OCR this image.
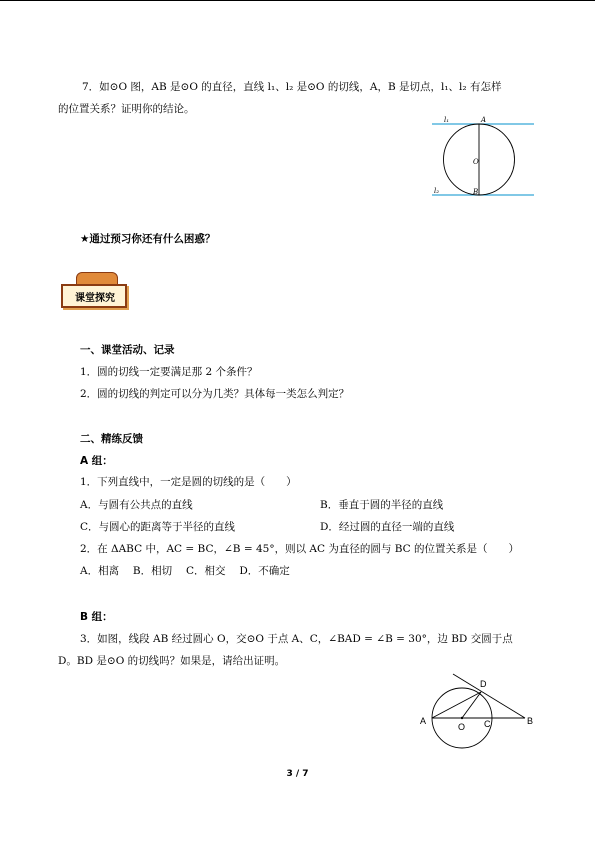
7．如⊙O 图，AB 是⊙O 的直径，直线 l₁、l₂ 是⊙O 的切线，A，B 是切点，l₁、l₂ 有怎样
的位置关系？证明你的结论。
l₁
l₂
A
B
O
★通过预习你还有什么困惑？
课堂探究
一、课堂活动、记录
1．圆的切线一定要满足那 2 个条件？
2．圆的切线的判定可以分为几类？具体每一类怎么判定？
二、精练反馈
A 组：
1．下列直线中，一定是圆的切线的是（　　）
A．与圆有公共点的直线	B．垂直于圆的半径的直线
C．与圆心的距离等于半径的直线	D．经过圆的直径一端的直线
2．在 ΔABC 中，AC = BC，∠B = 45°，则以 AC 为直径的圆与 BC 的位置关系是（　　）
A．相离　 B．相切　 C．相交　 D．不确定
B 组：
3．如图，线段 AB 经过圆心 O，交⊙O 于点 A、C，∠BAD = ∠B = 30°，边 BD 交圆于点
D。BD 是⊙O 的切线吗？如果是，请给出证明。
A
O C	B
D
3 / 7
